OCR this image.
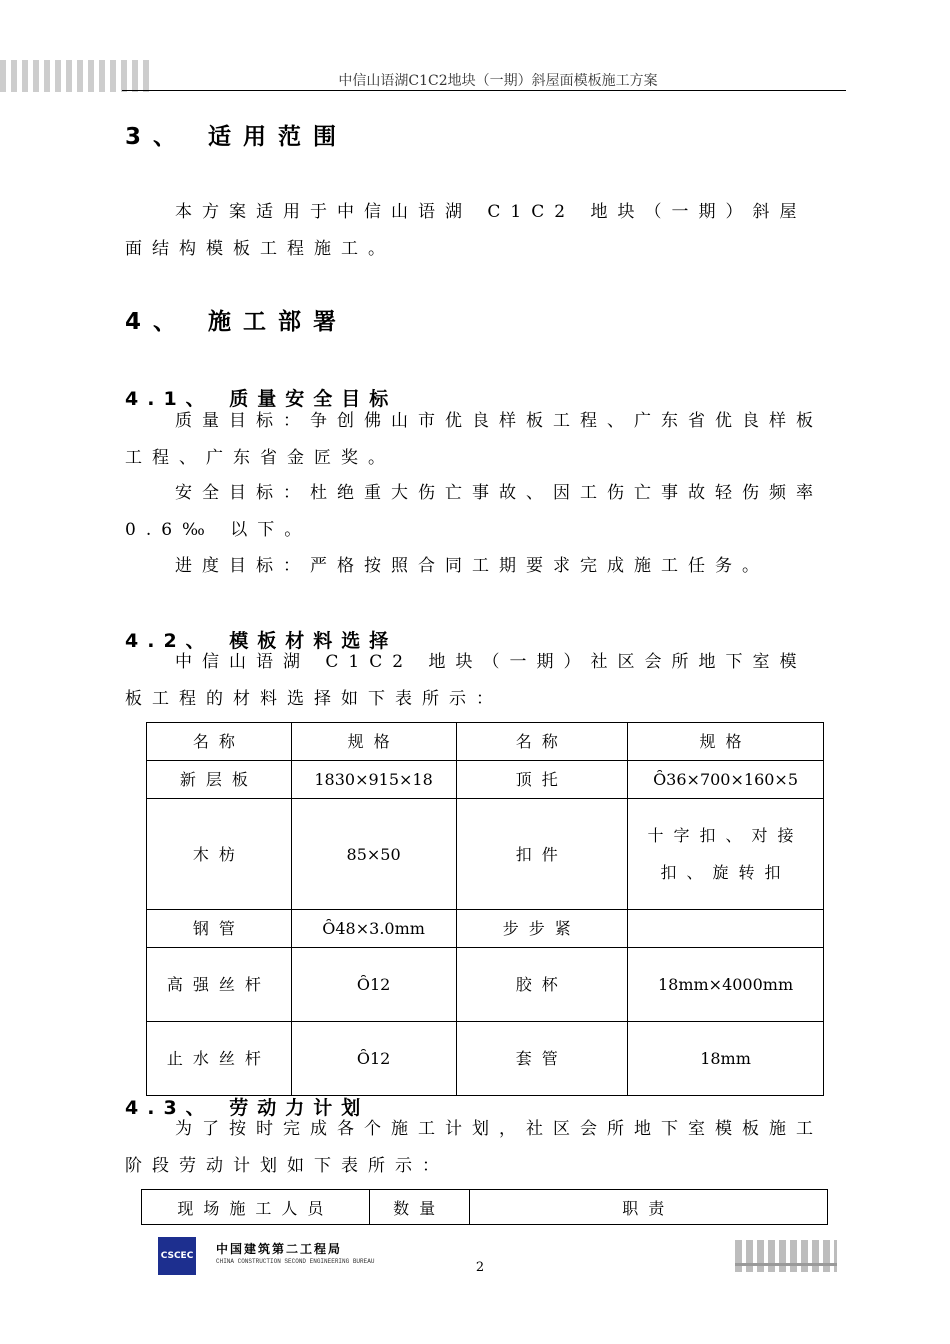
中信山语湖C1C2地块（一期）斜屋面模板施工方案
3、 适用范围
本方案适用于中信山语湖 C1C2 地块（一期）斜屋面结构模板工程施工。
4、 施工部署
4.1、 质量安全目标
质量目标：争创佛山市优良样板工程、广东省优良样板工程、广东省金匠奖。
安全目标：杜绝重大伤亡事故、因工伤亡事故轻伤频率 0.6‰ 以下。
进度目标：严格按照合同工期要求完成施工任务。
4.2、 模板材料选择
中信山语湖 C1C2 地块（一期）社区会所地下室模板工程的材料选择如下表所示：
名称	规格	名称	规格
新层板	1830×915×18	顶托	Ȏ36×700×160×5
木枋	85×50	扣件	十字扣、对接扣、旋转扣
钢管	Ȏ48×3.0mm	步步紧	
高强丝杆	Ȏ12	胶杯	18mm×4000mm
止水丝杆	Ȏ12	套管	18mm
4.3、 劳动力计划
为了按时完成各个施工计划，社区会所地下室模板施工阶段劳动计划如下表所示：
现场施工人员	数量	职责
CSCEC 中国建筑第二工程局
CHINA CONSTRUCTION SECOND ENGINEERING BUREAU	2
